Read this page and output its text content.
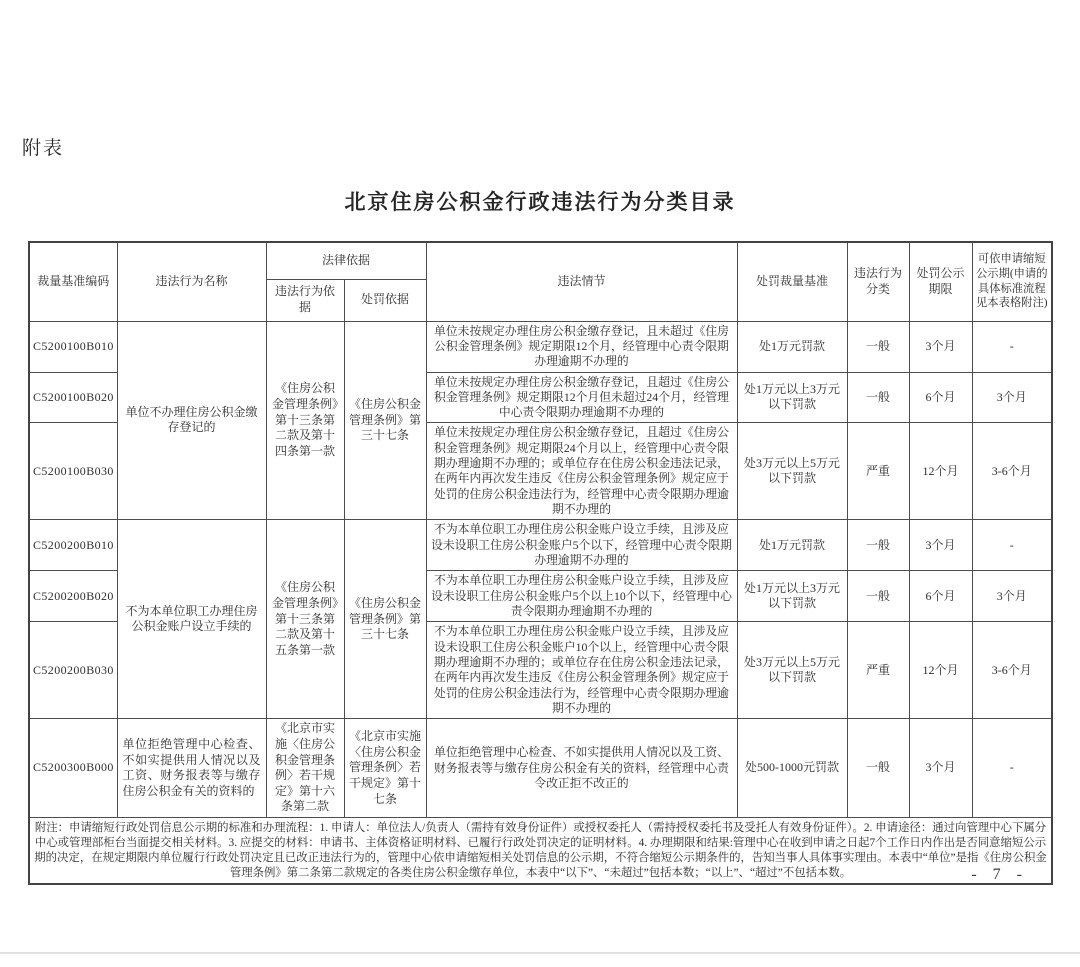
附表
北京住房公积金行政违法行为分类目录
裁量基准编码	违法行为名称	法律依据		违法情节	处罚裁量基准	违法行为分类	处罚公示期限	可依申请缩短公示期(申请的具体标准流程见本表格附注)
		违法行为依据	处罚依据					
C5200100B010	单位不办理住房公积金缴存登记的	《住房公积金管理条例》第十三条第二款及第十四条第一款	《住房公积金管理条例》第三十七条	单位未按规定办理住房公积金缴存登记，且未超过《住房公积金管理条例》规定期限12个月，经管理中心责令限期办理逾期不办理的	处1万元罚款	一般	3个月	-
C5200100B020				单位未按规定办理住房公积金缴存登记，且超过《住房公积金管理条例》规定期限12个月但未超过24个月，经管理中心责令限期办理逾期不办理的	处1万元以上3万元以下罚款	一般	6个月	3个月
C5200100B030				单位未按规定办理住房公积金缴存登记，且超过《住房公积金管理条例》规定期限24个月以上，经管理中心责令限期办理逾期不办理的；或单位存在住房公积金违法记录，在两年内再次发生违反《住房公积金管理条例》规定应于处罚的住房公积金违法行为，经管理中心责令限期办理逾期不办理的	处3万元以上5万元以下罚款	严重	12个月	3-6个月
C5200200B010	不为本单位职工办理住房公积金账户设立手续的	《住房公积金管理条例》第十三条第二款及第十五条第一款	《住房公积金管理条例》第三十七条	不为本单位职工办理住房公积金账户设立手续，且涉及应设未设职工住房公积金账户5个以下，经管理中心责令限期办理逾期不办理的	处1万元罚款	一般	3个月	-
C5200200B020				不为本单位职工办理住房公积金账户设立手续，且涉及应设未设职工住房公积金账户5个以上10个以下，经管理中心责令限期办理逾期不办理的	处1万元以上3万元以下罚款	一般	6个月	3个月
C5200200B030				不为本单位职工办理住房公积金账户设立手续，且涉及应设未设职工住房公积金账户10个以上，经管理中心责令限期办理逾期不办理的；或单位存在住房公积金违法记录，在两年内再次发生违反《住房公积金管理条例》规定应于处罚的住房公积金违法行为，经管理中心责令限期办理逾期不办理的	处3万元以上5万元以下罚款	严重	12个月	3-6个月
C5200300B000	单位拒绝管理中心检查、不如实提供用人情况以及工资、财务报表等与缴存住房公积金有关的资料的	《北京市实施〈住房公积金管理条例〉若干规定》第十六条第二款	《北京市实施〈住房公积金管理条例〉若干规定》第十七条	单位拒绝管理中心检查、不如实提供用人情况以及工资、财务报表等与缴存住房公积金有关的资料，经管理中心责令改正拒不改正的	处500-1000元罚款	一般	3个月	-
附注：申请缩短行政处罚信息公示期的标准和办理流程：1. 申请人：单位法人/负责人（需持有效身份证件）或授权委托人（需持授权委托书及受托人有效身份证件）。2. 申请途径：通过向管理中心下属分中心或管理部柜台当面提交相关材料。3. 应提交的材料：申请书、主体资格证明材料、已履行行政处罚决定的证明材料。4. 办理期限和结果:管理中心在收到申请之日起7个工作日内作出是否同意缩短公示期的决定，在规定期限内单位履行行政处罚决定且已改正违法行为的，管理中心依申请缩短相关处罚信息的公示期，不符合缩短公示期条件的，告知当事人具体事实理由。本表中“单位”是指《住房公积金管理条例》第二条第二款规定的各类住房公积金缴存单位，本表中“以下”、“未超过”包括本数；“以上”、“超过”不包括本数。									- 7 -
